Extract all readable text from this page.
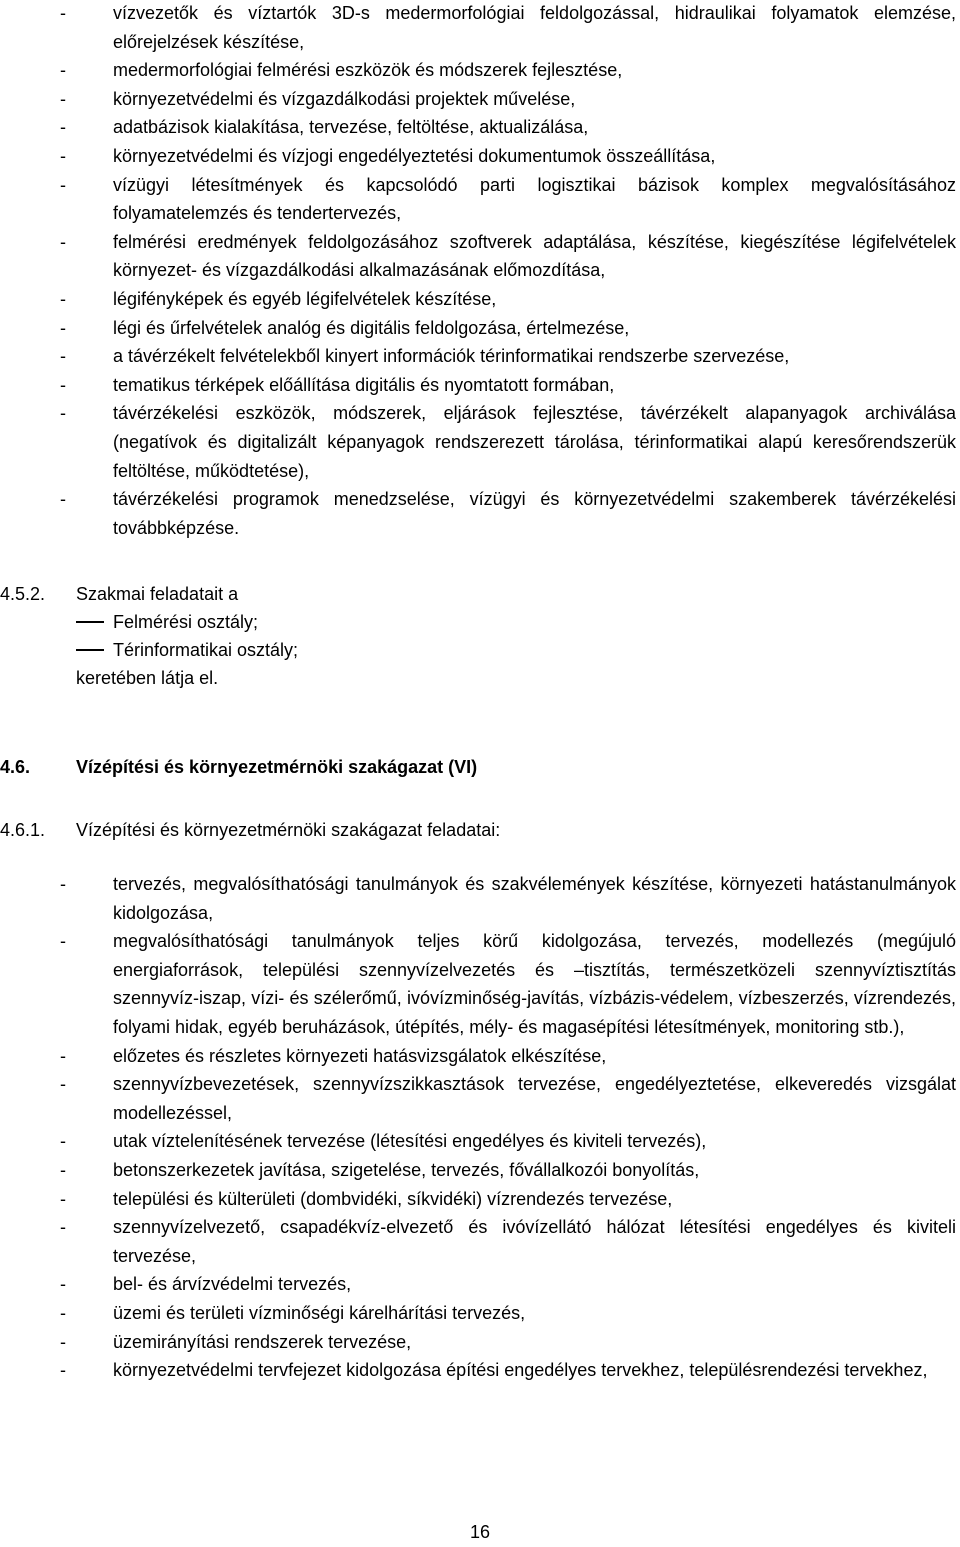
-	vízvezetők és víztartók 3D-s medermorfológiai feldolgozással, hidraulikai folyamatok elemzése, előrejelzések készítése,
-	medermorfológiai felmérési eszközök és módszerek fejlesztése,
-	környezetvédelmi és vízgazdálkodási projektek művelése,
-	adatbázisok kialakítása, tervezése, feltöltése, aktualizálása,
-	környezetvédelmi és vízjogi engedélyeztetési dokumentumok összeállítása,
-	vízügyi létesítmények és kapcsolódó parti logisztikai bázisok komplex megvalósításához folyamatelemzés és tendertervezés,
-	felmérési eredmények feldolgozásához szoftverek adaptálása, készítése, kiegészítése légifelvételek környezet- és vízgazdálkodási alkalmazásának előmozdítása,
-	légifényképek és egyéb légifelvételek készítése,
-	légi és űrfelvételek analóg és digitális feldolgozása, értelmezése,
-	a távérzékelt felvételekből kinyert információk térinformatikai rendszerbe szervezése,
-	tematikus térképek előállítása digitális és nyomtatott formában,
-	távérzékelési eszközök, módszerek, eljárások fejlesztése, távérzékelt alapanyagok archiválása (negatívok és digitalizált képanyagok rendszerezett tárolása, térinformatikai alapú keresőrendszerük feltöltése, működtetése),
-	távérzékelési programok menedzselése, vízügyi és környezetvédelmi szakemberek távérzékelési továbbképzése.
4.5.2. Szakmai feladatait a
Felmérési osztály;
Térinformatikai osztály;
keretében látja el.
4.6.	Vízépítési és környezetmérnöki szakágazat (VI)
4.6.1. Vízépítési és környezetmérnöki szakágazat feladatai:
-	tervezés, megvalósíthatósági tanulmányok és szakvélemények készítése, környezeti hatástanulmányok kidolgozása,
-	megvalósíthatósági tanulmányok teljes körű kidolgozása, tervezés, modellezés (megújuló energiaforrások, települési szennyvízelvezetés és –tisztítás, természetközeli szennyvíztisztítás szennyvíz-iszap, vízi- és szélerőmű, ivóvízminőség-javítás, vízbázis-védelem, vízbeszerzés, vízrendezés, folyami hidak, egyéb beruházások, útépítés, mély- és magasépítési létesítmények, monitoring stb.),
-	előzetes és részletes környezeti hatásvizsgálatok elkészítése,
-	szennyvízbevezetések, szennyvízszikkasztások tervezése, engedélyeztetése, elkeveredés vizsgálat modellezéssel,
-	utak víztelenítésének tervezése (létesítési engedélyes és kiviteli tervezés),
-	betonszerkezetek javítása, szigetelése, tervezés, fővállalkozói bonyolítás,
-	települési és külterületi (dombvidéki, síkvidéki) vízrendezés tervezése,
-	szennyvízelvezető, csapadékvíz-elvezető és ivóvízellátó hálózat létesítési engedélyes és kiviteli tervezése,
-	bel- és árvízvédelmi tervezés,
-	üzemi és területi vízminőségi kárelhárítási tervezés,
-	üzemirányítási rendszerek tervezése,
-	környezetvédelmi tervfejezet kidolgozása építési engedélyes tervekhez, településrendezési tervekhez,
16
